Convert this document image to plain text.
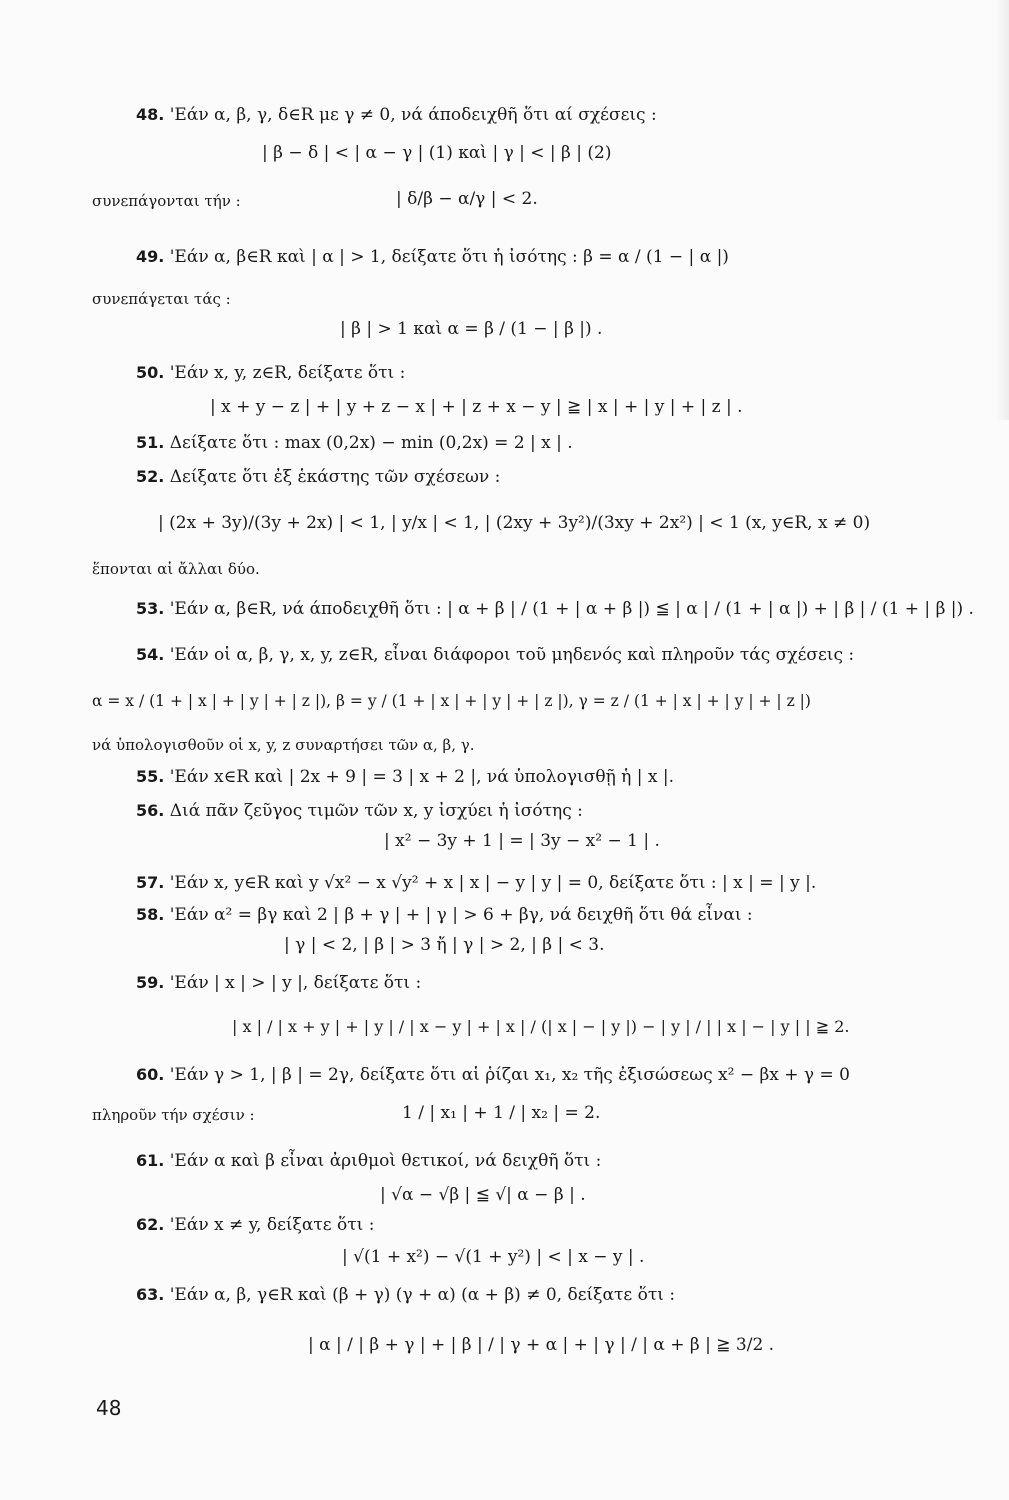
48. 'Εάν α, β, γ, δ∈R με γ ≠ 0, νά άποδειχθῆ ὅτι αί σχέσεις :
| β − δ | < | α − γ | (1) καὶ | γ | < | β | (2)
συνεπάγονται τήν :	| δ/β − α/γ | < 2.
49. 'Εάν α, β∈R καὶ | α | > 1, δείξατε ὅτι ἡ ἰσότης : β = α / (1 − | α |)
συνεπάγεται τάς :
| β | > 1 καὶ α = β / (1 − | β |) .
50. 'Εάν x, y, z∈R, δείξατε ὅτι :
| x + y − z | + | y + z − x | + | z + x − y | ≧ | x | + | y | + | z | .
51. Δείξατε ὅτι : max (0,2x) − min (0,2x) = 2 | x | .
52. Δείξατε ὅτι ἐξ ἑκάστης τῶν σχέσεων :
| (2x + 3y)/(3y + 2x) | < 1, | y/x | < 1, | (2xy + 3y²)/(3xy + 2x²) | < 1 (x, y∈R, x ≠ 0)
ἕπονται αἱ ἄλλαι δύο.
53. 'Εάν α, β∈R, νά άποδειχθῆ ὅτι : | α + β | / (1 + | α + β |) ≦ | α | / (1 + | α |) + | β | / (1 + | β |) .
54. 'Εάν οἱ α, β, γ, x, y, z∈R, εἶναι διάφοροι τοῦ μηδενός καὶ πληροῦν τάς σχέσεις :
α = x / (1 + | x | + | y | + | z |), β = y / (1 + | x | + | y | + | z |), γ = z / (1 + | x | + | y | + | z |)
νά ὑπολογισθοῦν οἱ x, y, z συναρτήσει τῶν α, β, γ.
55. 'Εάν x∈R καὶ | 2x + 9 | = 3 | x + 2 |, νά ὑπολογισθῇ ἡ | x |.
56. Διά πᾶν ζεῦγος τιμῶν τῶν x, y ἰσχύει ἡ ἰσότης :
| x² − 3y + 1 | = | 3y − x² − 1 | .
57. 'Εάν x, y∈R καὶ y √x² − x √y² + x | x | − y | y | = 0, δείξατε ὅτι : | x | = | y |.
58. 'Εάν α² = βγ καὶ 2 | β + γ | + | γ | > 6 + βγ, νά δειχθῆ ὅτι θά εἶναι :
| γ | < 2, | β | > 3 ἤ | γ | > 2, | β | < 3.
59. 'Εάν | x | > | y |, δείξατε ὅτι :
| x | / | x + y | + | y | / | x − y | + | x | / (| x | − | y |) − | y | / | | x | − | y | | ≧ 2.
60. 'Εάν γ > 1, | β | = 2γ, δείξατε ὅτι αἱ ῥίζαι x₁, x₂ τῆς ἐξισώσεως x² − βx + γ = 0
πληροῦν τήν σχέσιν :	1 / | x₁ | + 1 / | x₂ | = 2.
61. 'Εάν α καὶ β εἶναι ἀριθμοὶ θετικοί, νά δειχθῆ ὅτι :
| √α − √β | ≦ √| α − β | .
62. 'Εάν x ≠ y, δείξατε ὅτι :
| √(1 + x²) − √(1 + y²) | < | x − y | .
63. 'Εάν α, β, γ∈R καὶ (β + γ) (γ + α) (α + β) ≠ 0, δείξατε ὅτι :
| α | / | β + γ | + | β | / | γ + α | + | γ | / | α + β | ≧ 3/2 .
48
